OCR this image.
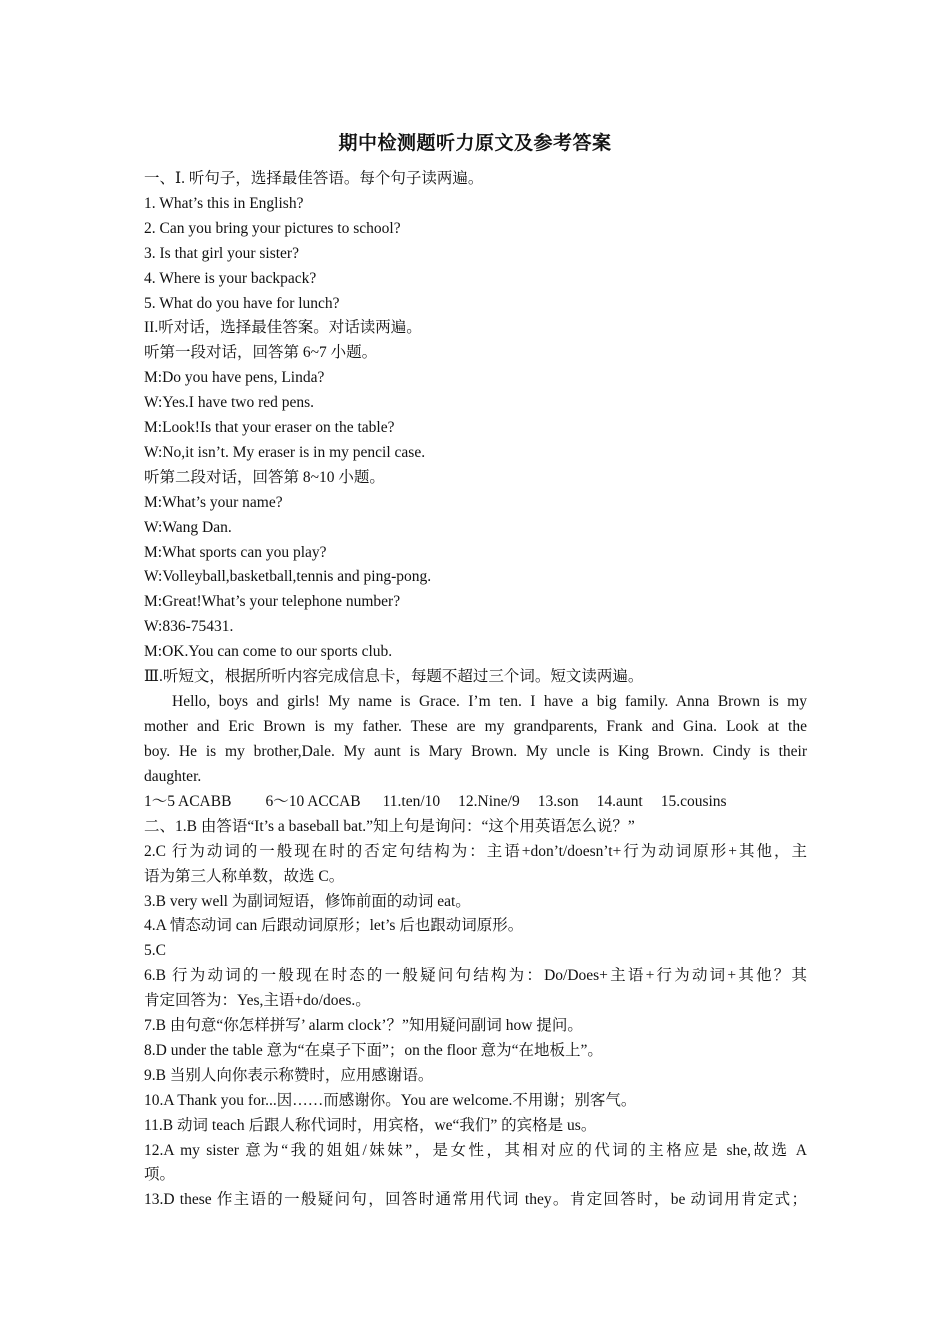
期中检测题听力原文及参考答案
一、Ⅰ. 听句子，选择最佳答语。每个句子读两遍。
1. What’s this in English?
2. Can you bring your pictures to school?
3. Is that girl your sister?
4. Where is your backpack?
5. What do you have for lunch?
II.听对话，选择最佳答案。对话读两遍。
听第一段对话，回答第 6~7 小题。
M:Do you have pens, Linda?
W:Yes.I have two red pens.
M:Look!Is that your eraser on the table?
W:No,it isn’t. My eraser is in my pencil case.
听第二段对话，回答第 8~10 小题。
M:What’s your name?
W:Wang Dan.
M:What sports can you play?
W:Volleyball,basketball,tennis and ping-pong.
M:Great!What’s your telephone number?
W:836-75431.
M:OK.You can come to our sports club.
Ⅲ.听短文，根据所听内容完成信息卡，每题不超过三个词。短文读两遍。
Hello, boys and girls! My name is Grace. I’m ten. I have a big family. Anna Brown is my
mother and Eric Brown is my father. These are my grandparents, Frank and Gina. Look at the
boy. He is my brother,Dale. My aunt is Mary Brown. My uncle is King Brown. Cindy is their
daughter.
1～5 ACABB 6～10 ACCAB 11.ten/10 12.Nine/9 13.son 14.aunt 15.cousins
二、1.B 由答语“It’s a baseball bat.”知上句是询问：“这个用英语怎么说？”
2.C 行为动词的一般现在时的否定句结构为：主语+don’t/doesn’t+行为动词原形+其他，主
语为第三人称单数，故选 C。
3.B very well 为副词短语，修饰前面的动词 eat。
4.A 情态动词 can 后跟动词原形；let’s 后也跟动词原形。
5.C
6.B 行为动词的一般现在时态的一般疑问句结构为：Do/Does+主语+行为动词+其他？其
肯定回答为：Yes,主语+do/does.。
7.B 由句意“你怎样拼写’ alarm clock’？”知用疑问副词 how 提问。
8.D under the table 意为“在桌子下面”；on the floor 意为“在地板上”。
9.B 当别人向你表示称赞时，应用感谢语。
10.A Thank you for...因……而感谢你。You are welcome.不用谢；别客气。
11.B 动词 teach 后跟人称代词时，用宾格，we“我们” 的宾格是 us。
12.A my sister 意为“我的姐姐/妹妹”，是女性，其相对应的代词的主格应是 she,故选 A
项。
13.D these 作主语的一般疑问句，回答时通常用代词 they。肯定回答时，be 动词用肯定式；
